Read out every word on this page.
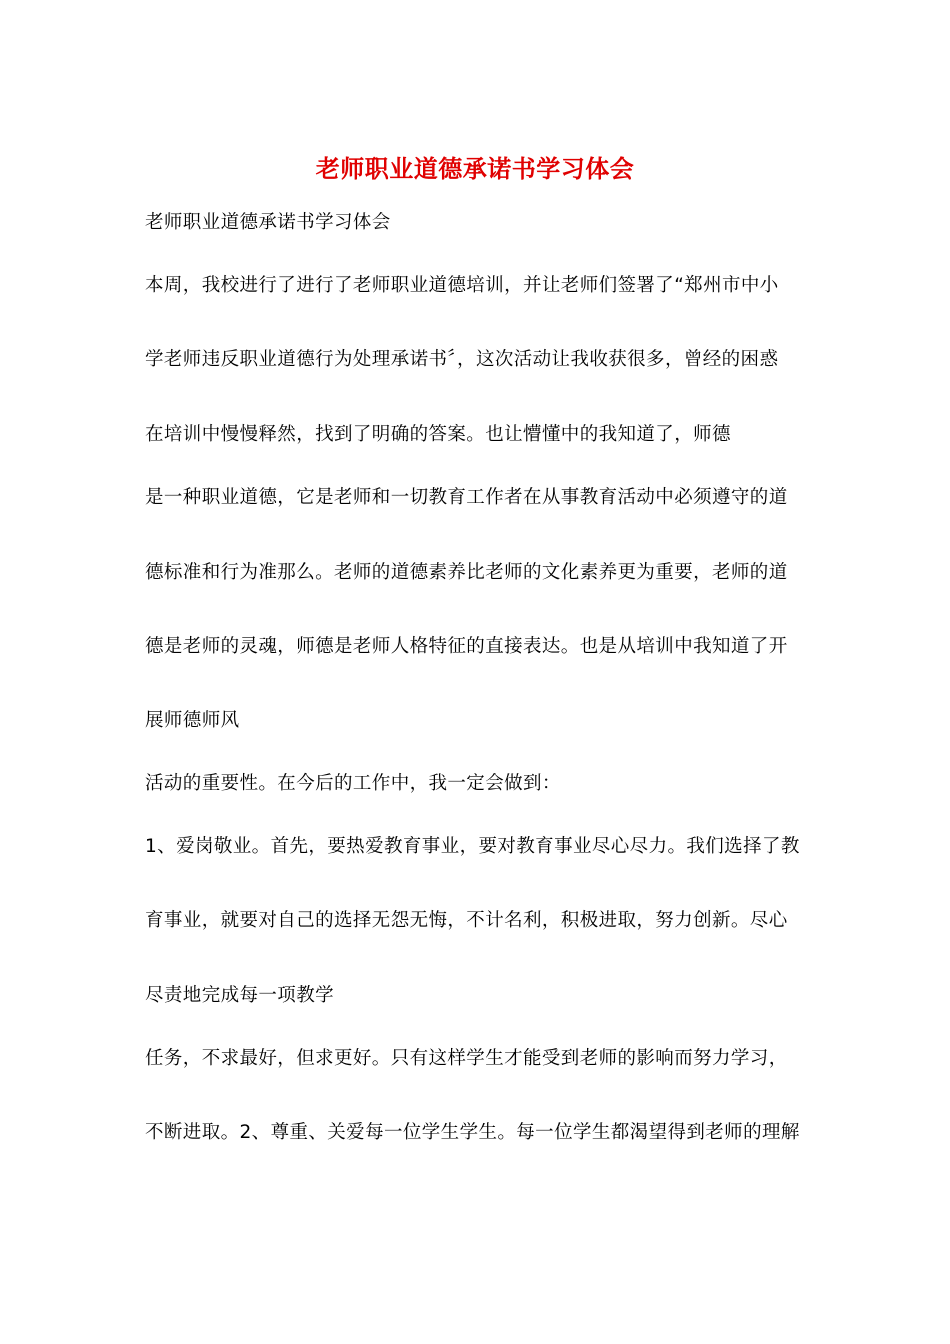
老师职业道德承诺书学习体会
老师职业道德承诺书学习体会
本周，我校进行了进行了老师职业道德培训，并让老师们签署了“郑州市中小
学老师违反职业道德行为处理承诺书〞，这次活动让我收获很多，曾经的困惑
在培训中慢慢释然，找到了明确的答案。也让懵懂中的我知道了，师德
是一种职业道德，它是老师和一切教育工作者在从事教育活动中必须遵守的道
德标准和行为准那么。老师的道德素养比老师的文化素养更为重要，老师的道
德是老师的灵魂，师德是老师人格特征的直接表达。也是从培训中我知道了开
展师德师风
活动的重要性。在今后的工作中，我一定会做到：
1、爱岗敬业。首先，要热爱教育事业，要对教育事业尽心尽力。我们选择了教
育事业，就要对自己的选择无怨无悔，不计名利，积极进取，努力创新。尽心
尽责地完成每一项教学
任务，不求最好，但求更好。只有这样学生才能受到老师的影响而努力学习，
不断进取。2、尊重、关爱每一位学生学生。每一位学生都渴望得到老师的理解
